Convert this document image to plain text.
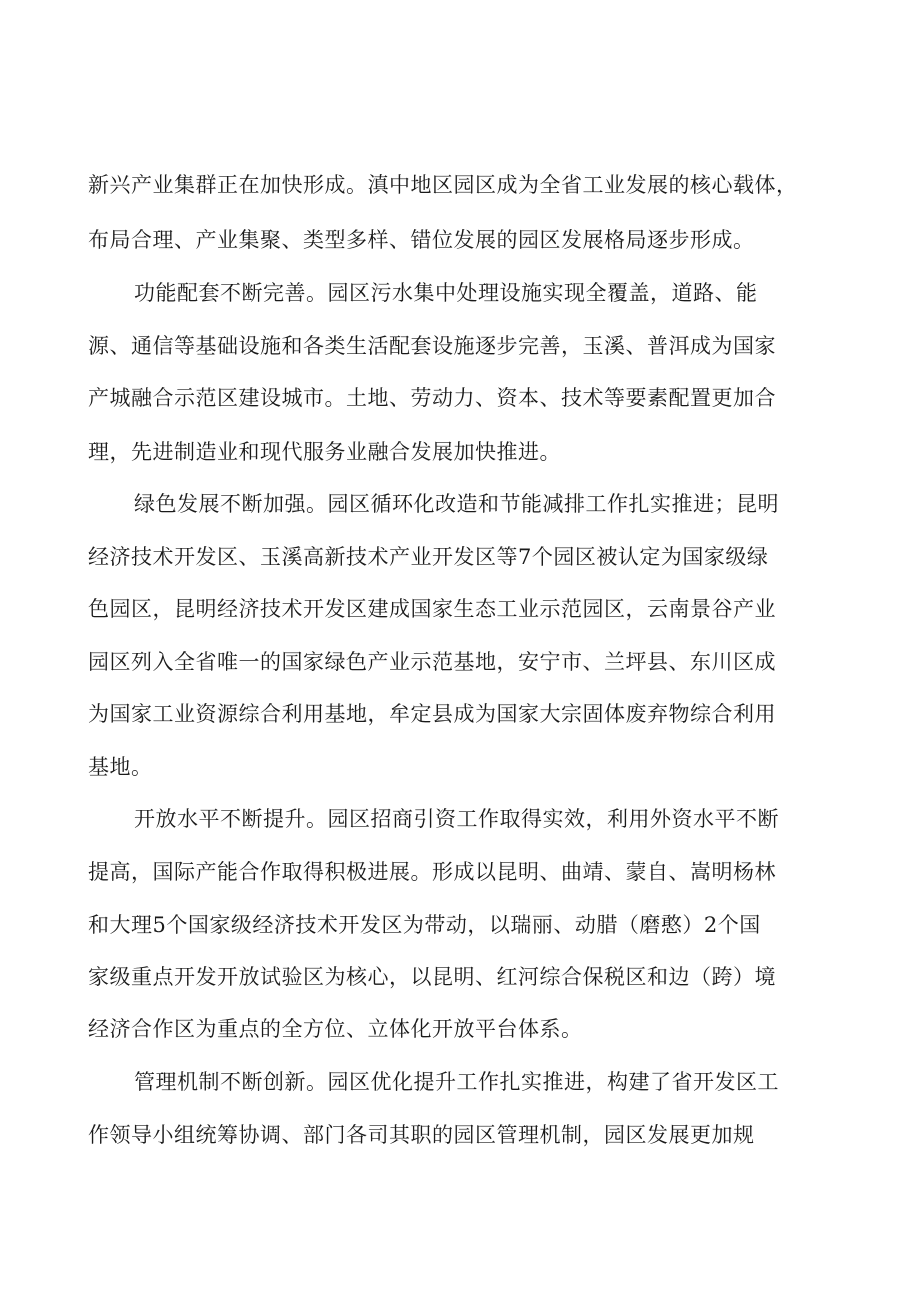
新兴产业集群正在加快形成。滇中地区园区成为全省工业发展的核心载体，
布局合理、产业集聚、类型多样、错位发展的园区发展格局逐步形成。
功能配套不断完善。园区污水集中处理设施实现全覆盖，道路、能
源、通信等基础设施和各类生活配套设施逐步完善，玉溪、普洱成为国家
产城融合示范区建设城市。土地、劳动力、资本、技术等要素配置更加合
理，先进制造业和现代服务业融合发展加快推进。
绿色发展不断加强。园区循环化改造和节能减排工作扎实推进；昆明
经济技术开发区、玉溪高新技术产业开发区等7个园区被认定为国家级绿
色园区，昆明经济技术开发区建成国家生态工业示范园区，云南景谷产业
园区列入全省唯一的国家绿色产业示范基地，安宁市、兰坪县、东川区成
为国家工业资源综合利用基地，牟定县成为国家大宗固体废弃物综合利用
基地。
开放水平不断提升。园区招商引资工作取得实效，利用外资水平不断
提高，国际产能合作取得积极进展。形成以昆明、曲靖、蒙自、嵩明杨林
和大理5个国家级经济技术开发区为带动，以瑞丽、动腊（磨憨）2个国
家级重点开发开放试验区为核心，以昆明、红河综合保税区和边（跨）境
经济合作区为重点的全方位、立体化开放平台体系。
管理机制不断创新。园区优化提升工作扎实推进，构建了省开发区工
作领导小组统筹协调、部门各司其职的园区管理机制，园区发展更加规
